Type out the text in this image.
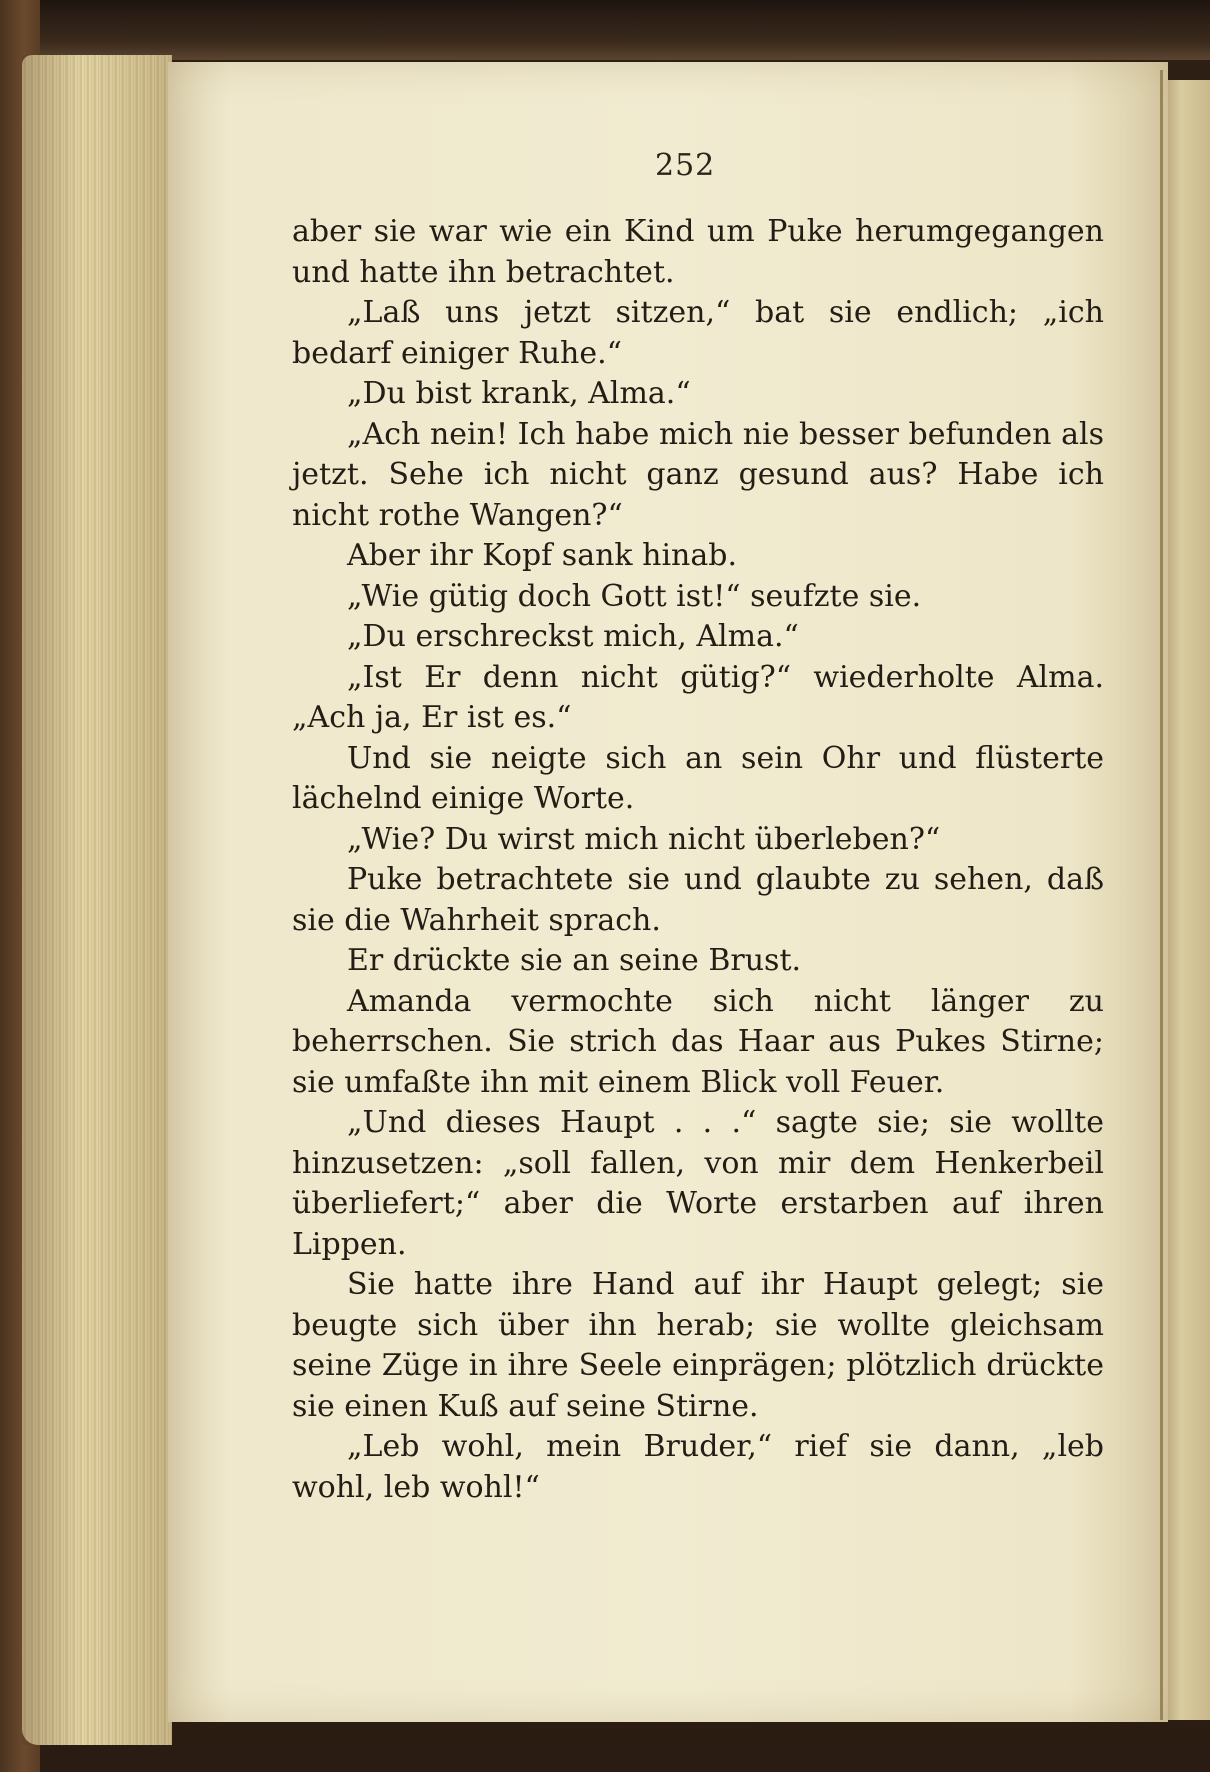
252

aber sie war wie ein Kind um Puke herumgegangen und hatte ihn betrachtet.

„Laß uns jetzt sitzen,“ bat sie endlich; „ich bedarf einiger Ruhe.“

„Du bist krank, Alma.“

„Ach nein! Ich habe mich nie besser befunden als jetzt. Sehe ich nicht ganz gesund aus? Habe ich nicht rothe Wangen?“

Aber ihr Kopf sank hinab.

„Wie gütig doch Gott ist!“ seufzte sie.

„Du erschreckst mich, Alma.“

„Ist Er denn nicht gütig?“ wiederholte Alma. „Ach ja, Er ist es.“

Und sie neigte sich an sein Ohr und flüsterte lächelnd einige Worte.

„Wie? Du wirst mich nicht überleben?“

Puke betrachtete sie und glaubte zu sehen, daß sie die Wahrheit sprach.

Er drückte sie an seine Brust.

Amanda vermochte sich nicht länger zu beherrschen. Sie strich das Haar aus Pukes Stirne; sie umfaßte ihn mit einem Blick voll Feuer.

„Und dieses Haupt . . .“ sagte sie; sie wollte hinzusetzen: „soll fallen, von mir dem Henkerbeil überliefert;“ aber die Worte erstarben auf ihren Lippen.

Sie hatte ihre Hand auf ihr Haupt gelegt; sie beugte sich über ihn herab; sie wollte gleichsam seine Züge in ihre Seele einprägen; plötzlich drückte sie einen Kuß auf seine Stirne.

„Leb wohl, mein Bruder,“ rief sie dann, „leb wohl, leb wohl!“
